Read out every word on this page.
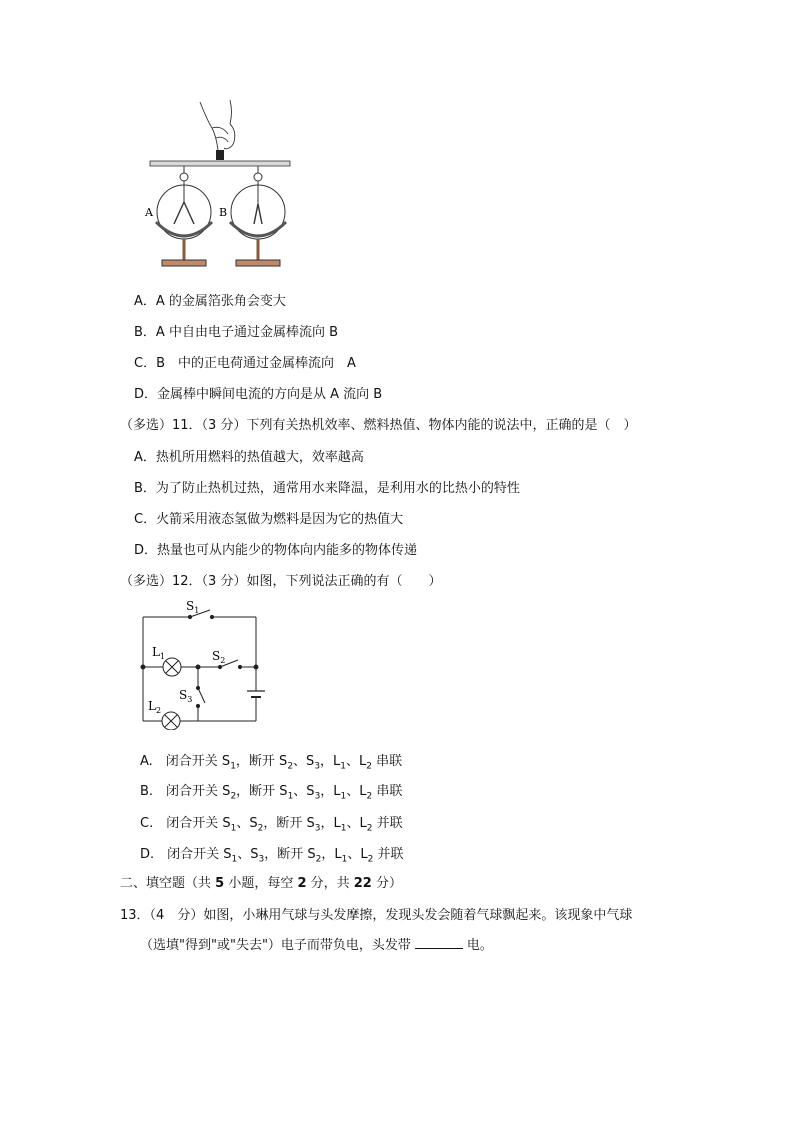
A	B
A．A 的金属箔张角会变大
B．A 中自由电子通过金属棒流向 B
C．B　中的正电荷通过金属棒流向　A
D．金属棒中瞬间电流的方向是从 A 流向 B
（多选）11．（3 分）下列有关热机效率、燃料热值、物体内能的说法中，正确的是（　）
A．热机所用燃料的热值越大，效率越高
B．为了防止热机过热，通常用水来降温，是利用水的比热小的特性
C．火箭采用液态氢做为燃料是因为它的热值大
D．热量也可从内能少的物体向内能多的物体传递
（多选）12．（3 分）如图，下列说法正确的有（　　）
$S_1$
$L_1$	$S_2$
$S_3$
$L_2$
A.　闭合开关 $S_1$，断开 $S_2$、$S_3$，$L_1$、$L_2$ 串联
B.　闭合开关 $S_2$，断开 $S_1$、$S_3$，$L_1$、$L_2$ 串联
C.　闭合开关 $S_1$、$S_2$，断开 $S_3$，$L_1$、$L_2$ 并联
D.　闭合开关 $S_1$、$S_3$，断开 $S_2$，$L_1$、$L_2$ 并联
二、填空题（共 5 小题，每空 2 分，共 22 分）
13．（4　分）如图，小琳用气球与头发摩擦，发现头发会随着气球飘起来。该现象中气球
（选填"得到"或"失去"）电子而带负电，头发带	电。
